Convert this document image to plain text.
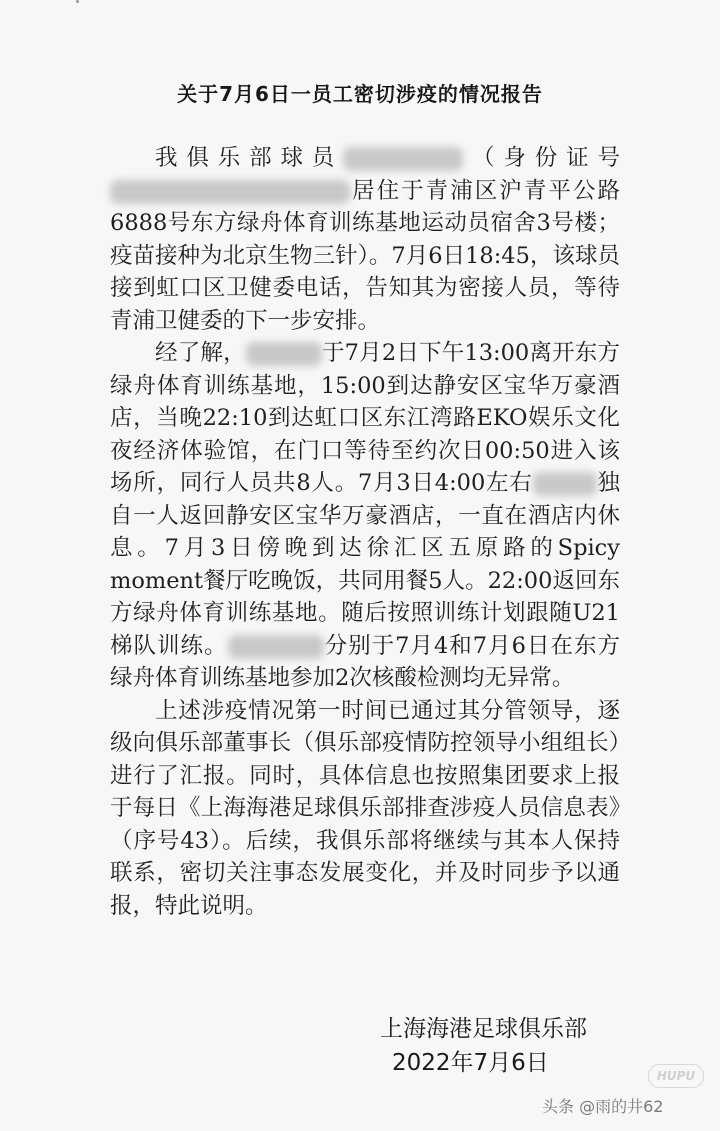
关于7月6日一员工密切涉疫的情况报告

我俱乐部球员	（身份证号居住于青浦区沪青平公路6888号东方绿舟体育训练基地运动员宿舍3号楼；疫苗接种为北京生物三针）。7月6日18:45，该球员接到虹口区卫健委电话，告知其为密接人员，等待青浦卫健委的下一步安排。

经了解，	于7月2日下午13:00离开东方绿舟体育训练基地，15:00到达静安区宝华万豪酒店，当晚22:10到达虹口区东江湾路EKO娱乐文化夜经济体验馆，在门口等待至约次日00:50进入该场所，同行人员共8人。7月3日4:00左右	独自一人返回静安区宝华万豪酒店，一直在酒店内休息。7月3日傍晚到达徐汇区五原路的Spicy moment餐厅吃晚饭，共同用餐5人。22:00返回东方绿舟体育训练基地。随后按照训练计划跟随U21梯队训练。	分别于7月4和7月6日在东方绿舟体育训练基地参加2次核酸检测均无异常。

上述涉疫情况第一时间已通过其分管领导，逐级向俱乐部董事长（俱乐部疫情防控领导小组组长）进行了汇报。同时，具体信息也按照集团要求上报于每日《上海海港足球俱乐部排查涉疫人员信息表》（序号43）。后续，我俱乐部将继续与其本人保持联系，密切关注事态发展变化，并及时同步予以通报，特此说明。

上海海港足球俱乐部
2022年7月6日	HUPU
头条 @雨的井62
